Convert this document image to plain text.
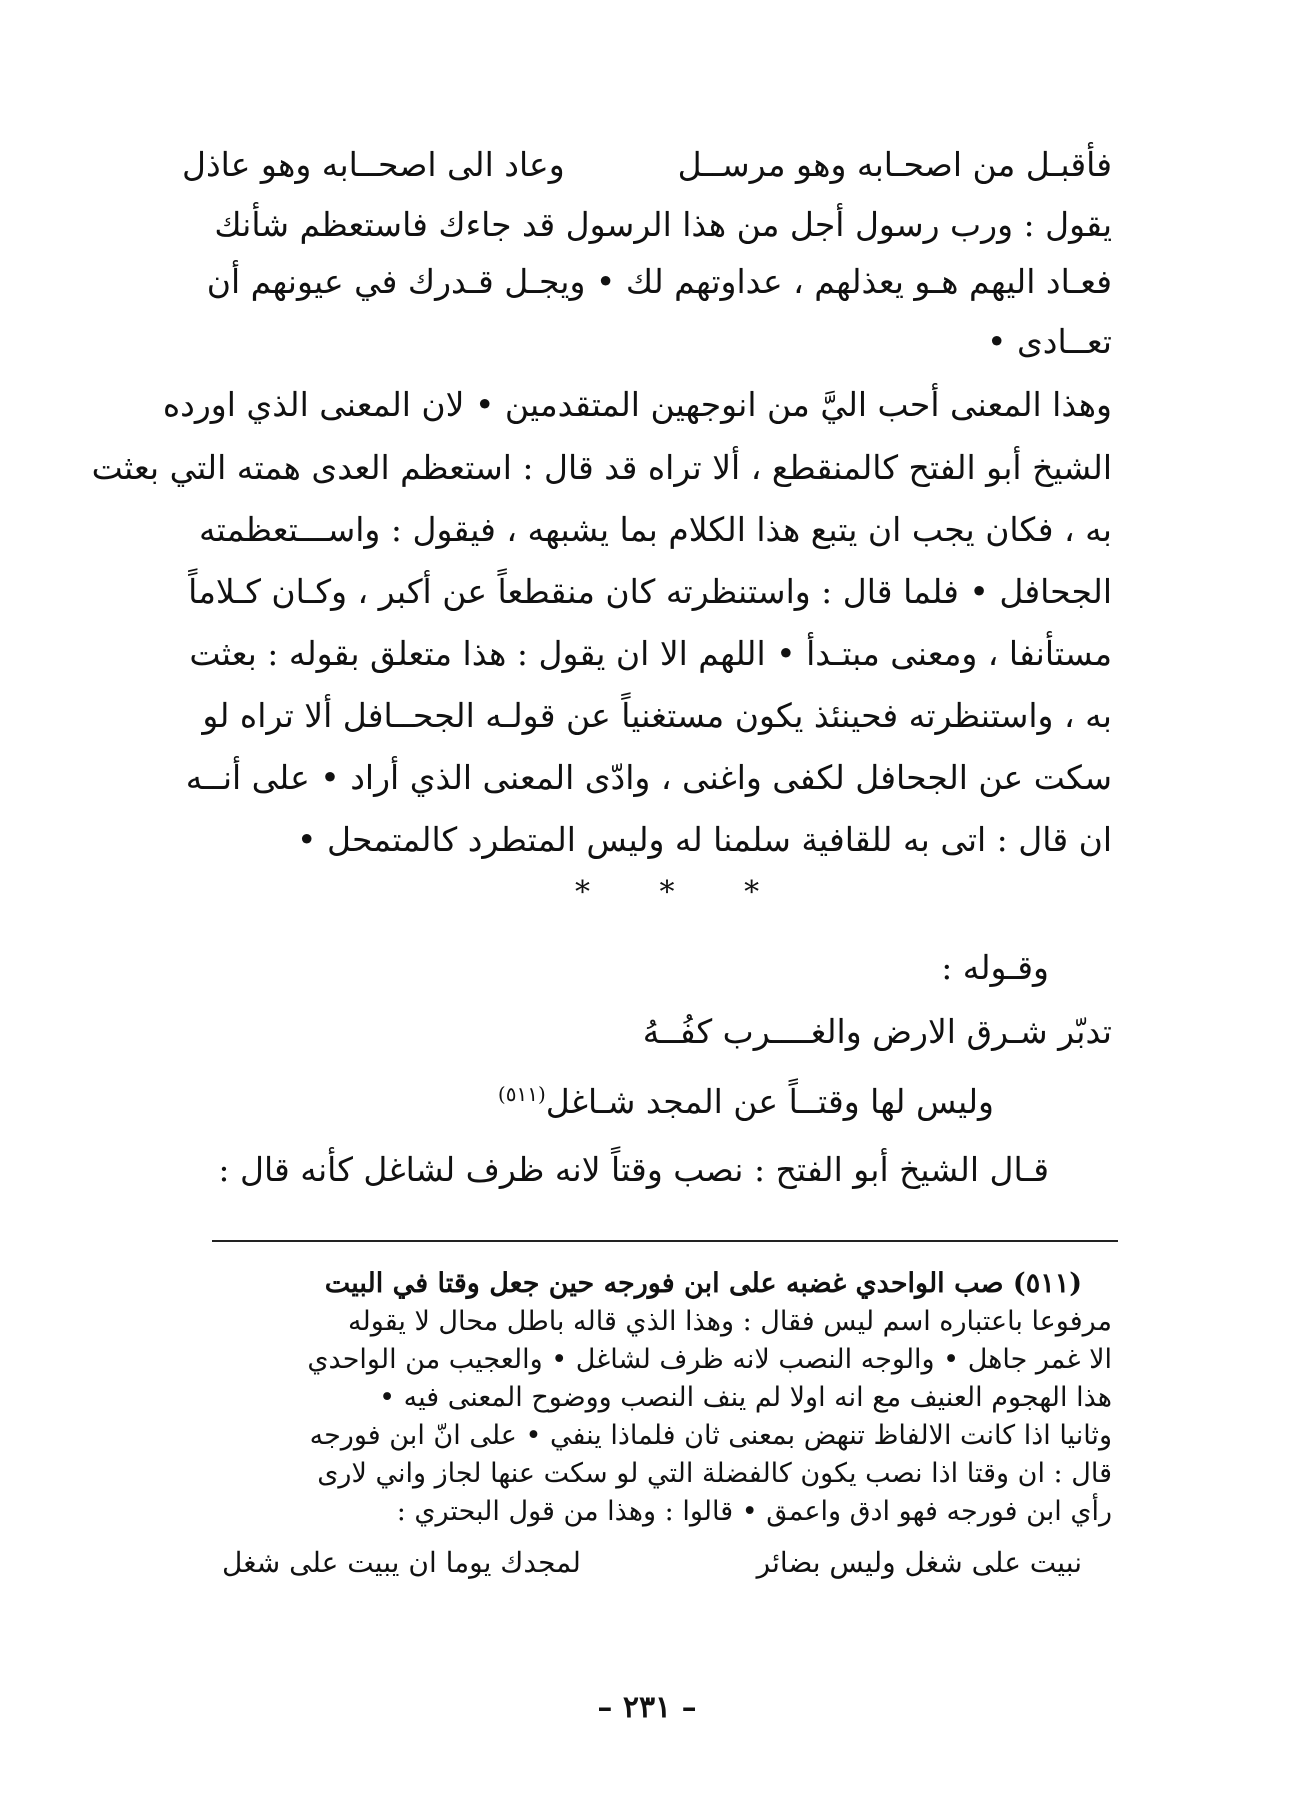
فأقبـل من اصحـابه وهو مرســل
وعاد الى اصحــابه وهو عاذل
يقول : ورب رسول أجل من هذا الرسول قد جاءك فاستعظم شأنك
فعـاد اليهم هـو يعذلهم ، عداوتهم لك • ويجـل قـدرك في عيونهم أن
تعــادى •
وهذا المعنى أحب اليَّ من انوجهين المتقدمين • لان المعنى الذي اورده
الشيخ أبو الفتح كالمنقطع ، ألا تراه قد قال : استعظم العدى همته التي بعثت
به ، فكان يجب ان يتبع هذا الكلام بما يشبهه ، فيقول : واســـتعظمته
الجحافل • فلما قال : واستنظرته كان منقطعاً عن أكبر ، وكـان كـلاماً
مستأنفا ، ومعنى مبتـدأ • اللهم الا ان يقول : هذا متعلق بقوله : بعثت
به ، واستنظرته فحينئذ يكون مستغنياً عن قولـه الجحــافل ألا تراه لو
سكت عن الجحافل لكفى واغنى ، وادّى المعنى الذي أراد • على أنــه
ان قال : اتى به للقافية سلمنا له وليس المتطرد كالمتمحل •
* * *
وقـوله :
تدبّر شـرق الارض والغــــرب كفُــهُ
وليس لها وقتــاً عن المجد شـاغل$^{(٥١١)}$
قـال الشيخ أبو الفتح : نصب وقتاً لانه ظرف لشاغل كأنه قال :
(٥١١) صب الواحدي غضبه على ابن فورجه حين جعل وقتا في البيت
مرفوعا باعتباره اسم ليس فقال : وهذا الذي قاله باطل محال لا يقوله
الا غمر جاهل • والوجه النصب لانه ظرف لشاغل • والعجيب من الواحدي
هذا الهجوم العنيف مع انه اولا لم ينف النصب ووضوح المعنى فيه •
وثانيا اذا كانت الالفاظ تنهض بمعنى ثان فلماذا ينفي • على انّ ابن فورجه
قال : ان وقتا اذا نصب يكون كالفضلة التي لو سكت عنها لجاز واني لارى
رأي ابن فورجه فهو ادق واعمق • قالوا : وهذا من قول البحتري :
نبيت على شغل وليس بضائر
لمجدك يوما ان يبيت على شغل
– ٢٣١ –
